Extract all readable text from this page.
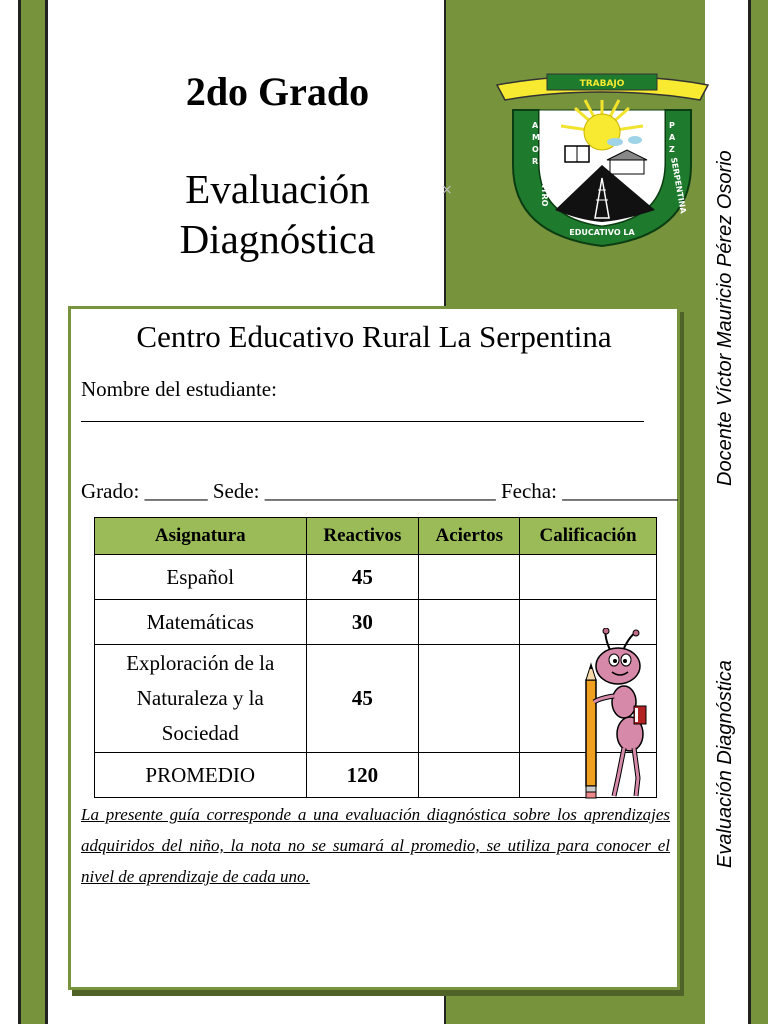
2do Grado
Evaluación
Diagnóstica
×
TRABAJO
A M O R
P A Z
CENTRO	SERPENTINA
EDUCATIVO LA	Docente Víctor Mauricio Pérez Osorio
Evaluación Diagnóstica
Centro Educativo Rural La Serpentina
Nombre del estudiante:
Grado: ______ Sede: ______________________ Fecha: ___________
Asignatura	Reactivos	Aciertos	Calificación
Español	45		
Matemáticas	30		

Exploración de la
Naturaleza y la
Sociedad	45		
PROMEDIO	120		
La presente guía corresponde a una evaluación diagnóstica sobre los aprendizajes adquiridos del niño, la nota no se sumará al promedio, se utiliza para conocer el nivel de aprendizaje de cada uno.
